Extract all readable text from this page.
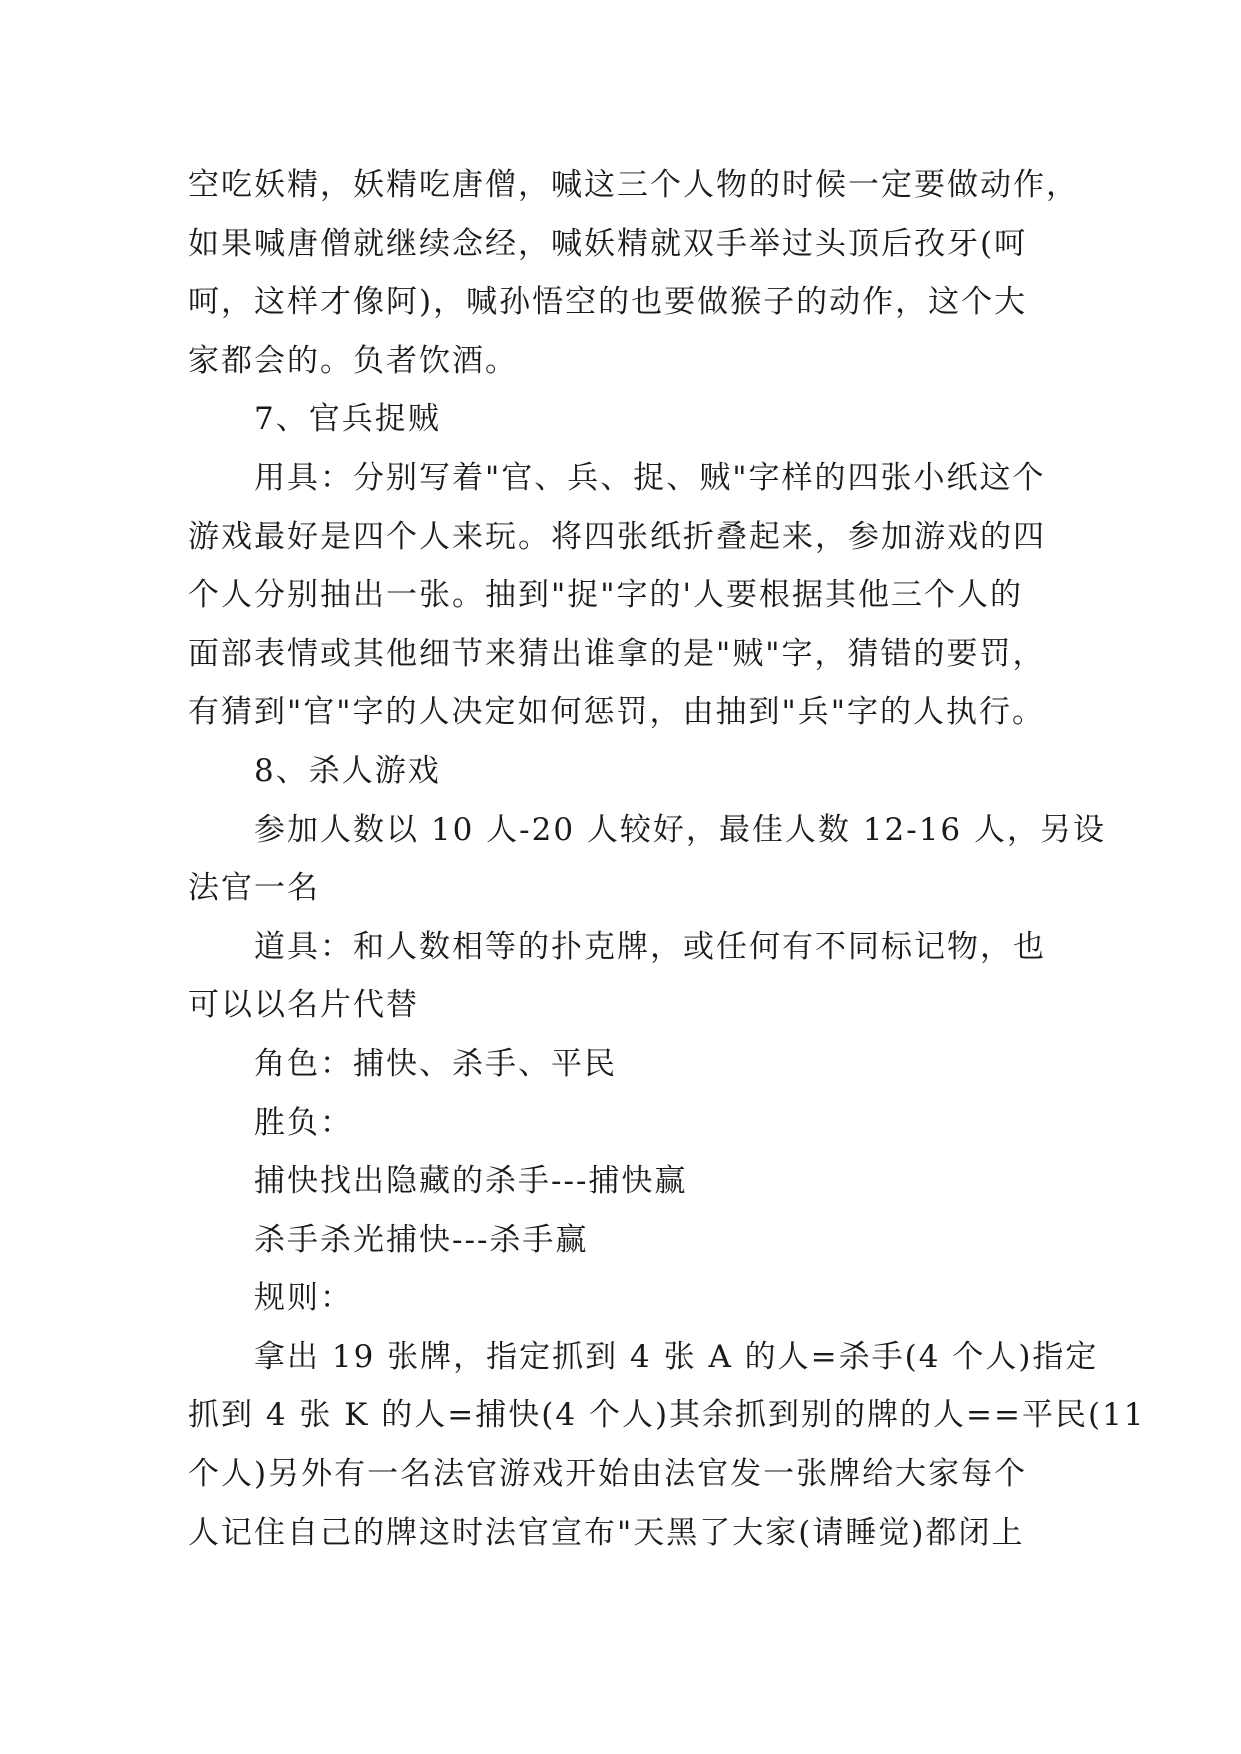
空吃妖精，妖精吃唐僧，喊这三个人物的时候一定要做动作，
如果喊唐僧就继续念经，喊妖精就双手举过头顶后孜牙(呵
呵，这样才像阿)，喊孙悟空的也要做猴子的动作，这个大
家都会的。负者饮酒。
7、官兵捉贼
用具：分别写着"官、兵、捉、贼"字样的四张小纸这个
游戏最好是四个人来玩。将四张纸折叠起来，参加游戏的四
个人分别抽出一张。抽到"捉"字的'人要根据其他三个人的
面部表情或其他细节来猜出谁拿的是"贼"字，猜错的要罚，
有猜到"官"字的人决定如何惩罚，由抽到"兵"字的人执行。
8、杀人游戏
参加人数以 10 人-20 人较好，最佳人数 12-16 人，另设
法官一名
道具：和人数相等的扑克牌，或任何有不同标记物，也
可以以名片代替
角色：捕快、杀手、平民
胜负：
捕快找出隐藏的杀手---捕快赢
杀手杀光捕快---杀手赢
规则：
拿出 19 张牌，指定抓到 4 张 A 的人=杀手(4 个人)指定
抓到 4 张 K 的人=捕快(4 个人)其余抓到别的牌的人==平民(11
个人)另外有一名法官游戏开始由法官发一张牌给大家每个
人记住自己的牌这时法官宣布"天黑了大家(请睡觉)都闭上
